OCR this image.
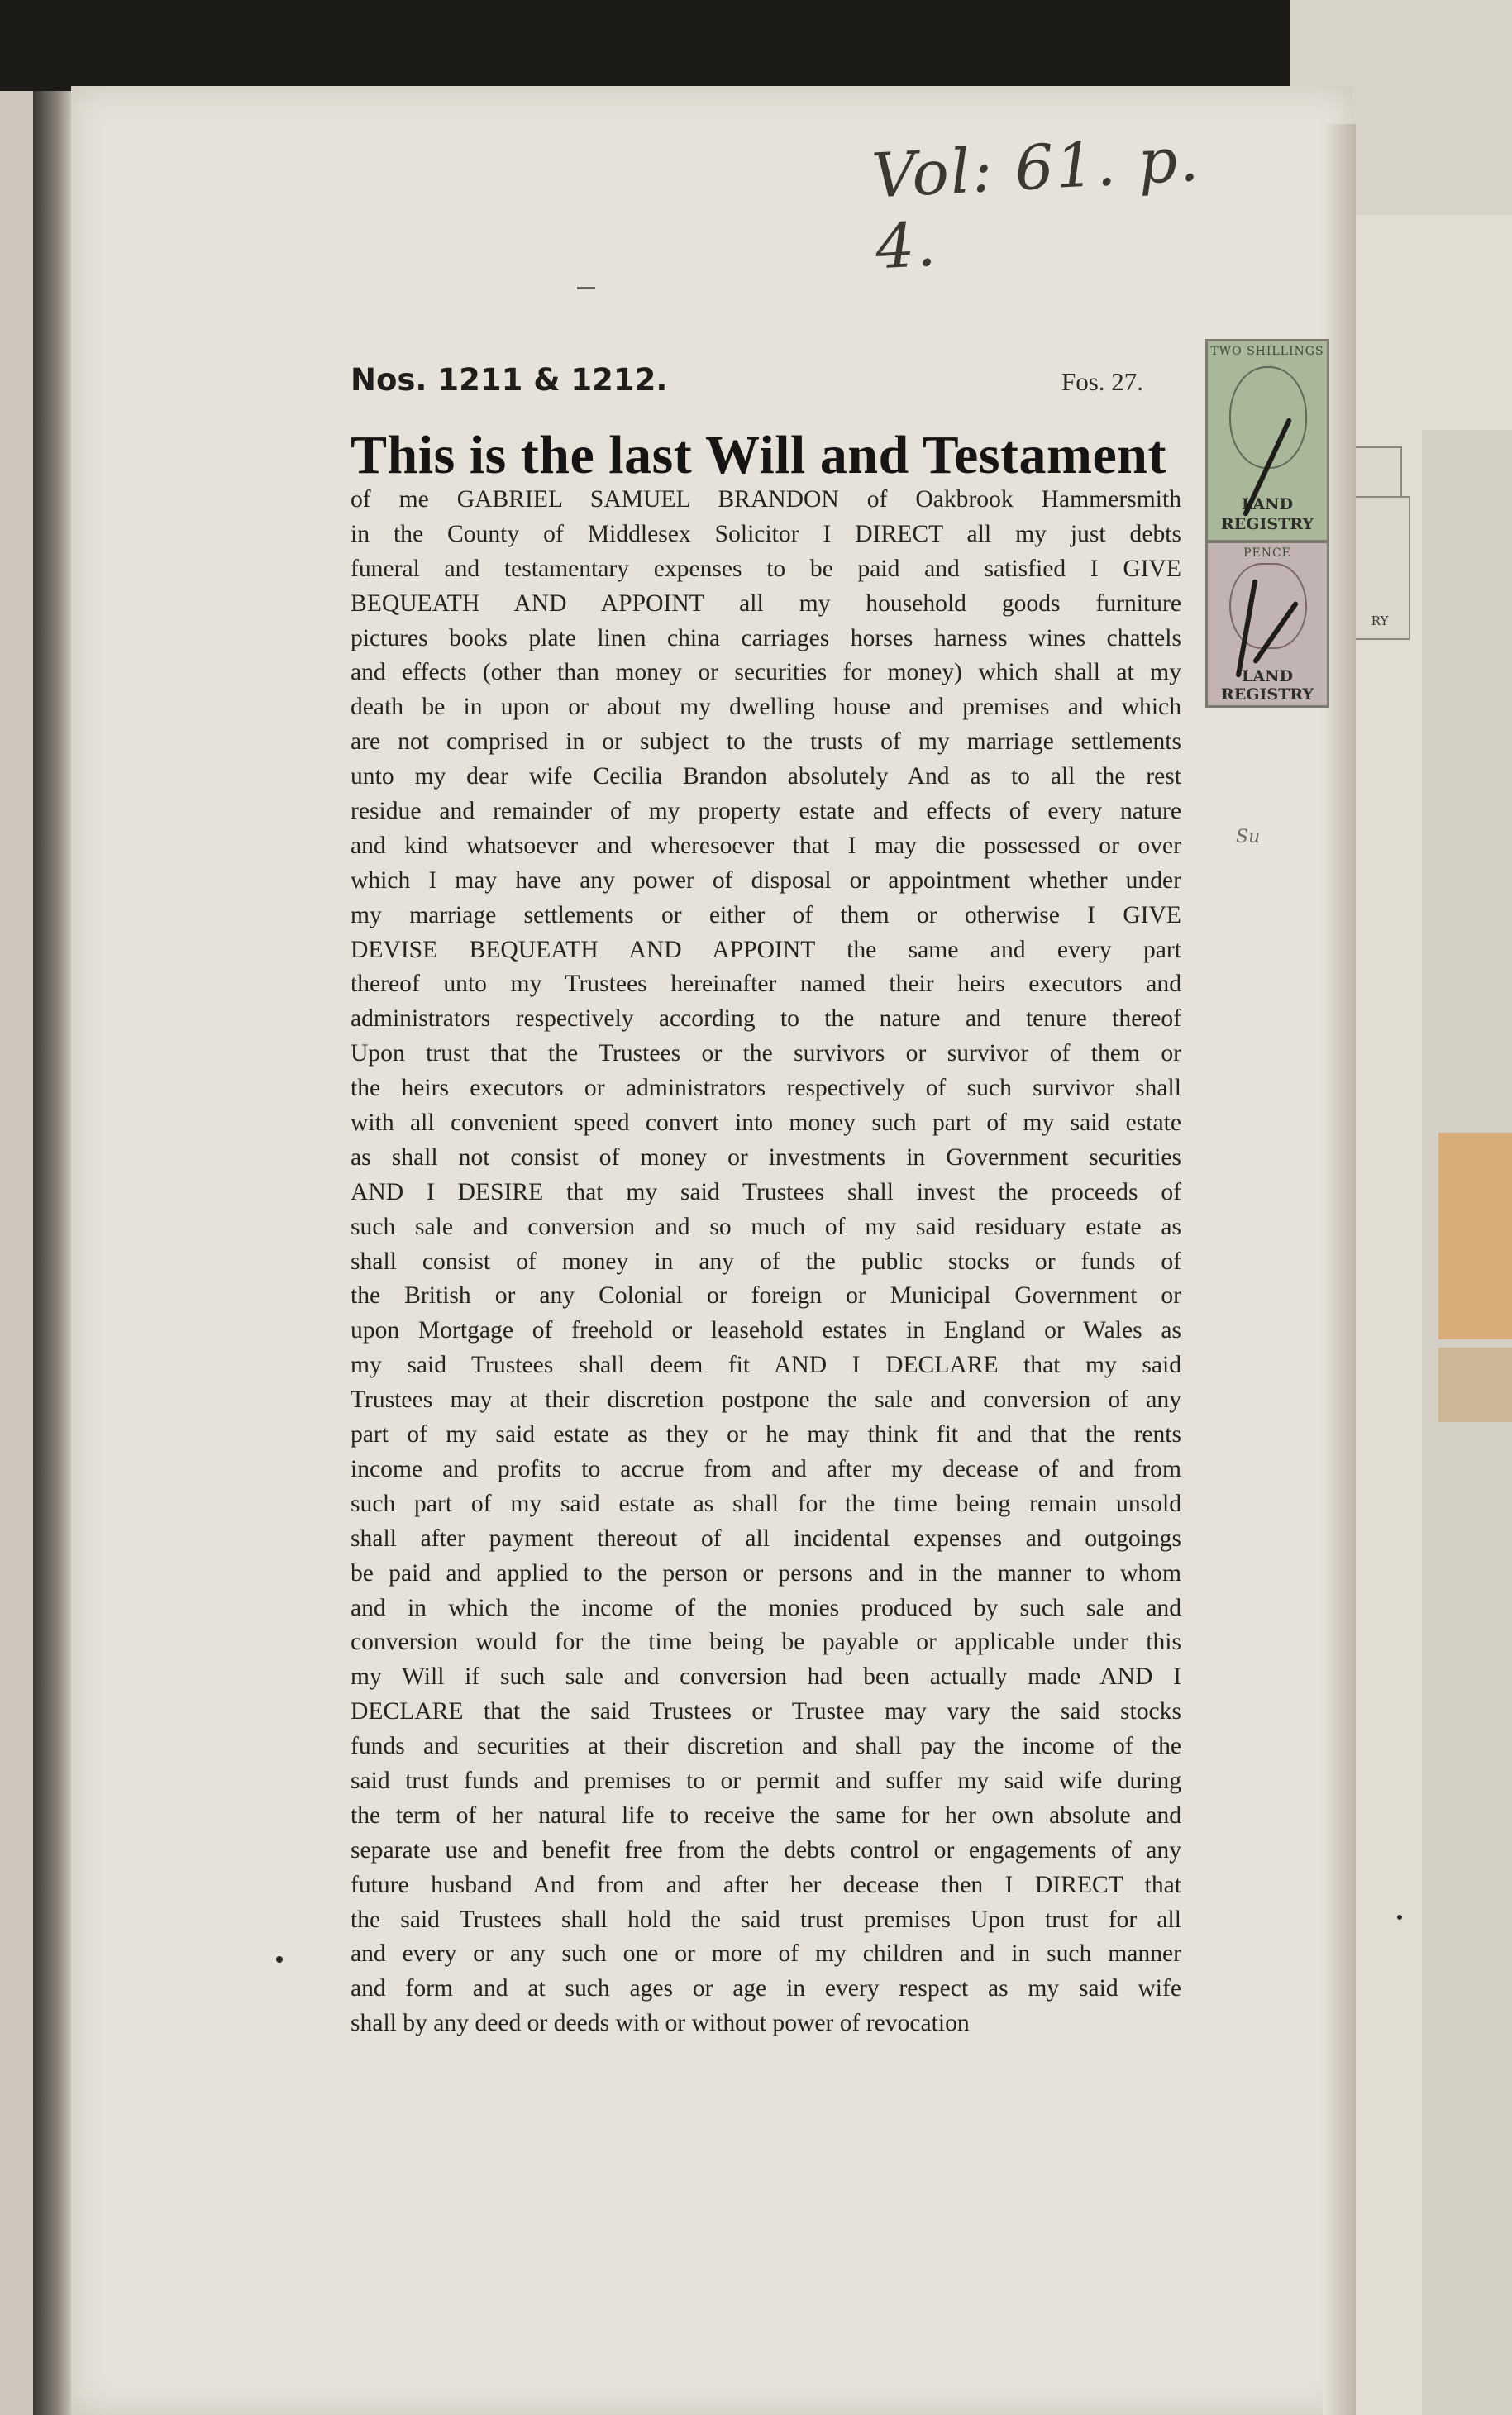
RY
Vol: 61. p. 4.
Nos. 1211 & 1212.	Fos. 27.
This is the last Will and Testament
of me GABRIEL SAMUEL BRANDON of Oakbrook Hammersmith
in the County of Middlesex Solicitor I DIRECT all my just debts
funeral and testamentary expenses to be paid and satisfied I GIVE
BEQUEATH AND APPOINT all my household goods furniture
pictures books plate linen china carriages horses harness wines chattels
and effects (other than money or securities for money) which shall at my
death be in upon or about my dwelling house and premises and which
are not comprised in or subject to the trusts of my marriage settlements
unto my dear wife Cecilia Brandon absolutely And as to all the rest
residue and remainder of my property estate and effects of every nature
and kind whatsoever and wheresoever that I may die possessed or over
which I may have any power of disposal or appointment whether under
my marriage settlements or either of them or otherwise I GIVE
DEVISE BEQUEATH AND APPOINT the same and every part
thereof unto my Trustees hereinafter named their heirs executors and
administrators respectively according to the nature and tenure thereof
Upon trust that the Trustees or the survivors or survivor of them or
the heirs executors or administrators respectively of such survivor shall
with all convenient speed convert into money such part of my said estate
as shall not consist of money or investments in Government securities
AND I DESIRE that my said Trustees shall invest the proceeds of
such sale and conversion and so much of my said residuary estate as
shall consist of money in any of the public stocks or funds of
the British or any Colonial or foreign or Municipal Government or
upon Mortgage of freehold or leasehold estates in England or Wales as
my said Trustees shall deem fit AND I DECLARE that my said
Trustees may at their discretion postpone the sale and conversion of any
part of my said estate as they or he may think fit and that the rents
income and profits to accrue from and after my decease of and from
such part of my said estate as shall for the time being remain unsold
shall after payment thereout of all incidental expenses and outgoings
be paid and applied to the person or persons and in the manner to whom
and in which the income of the monies produced by such sale and
conversion would for the time being be payable or applicable under this
my Will if such sale and conversion had been actually made AND I
DECLARE that the said Trustees or Trustee may vary the said stocks
funds and securities at their discretion and shall pay the income of the
said trust funds and premises to or permit and suffer my said wife during
the term of her natural life to receive the same for her own absolute and
separate use and benefit free from the debts control or engagements of any
future husband And from and after her decease then I DIRECT that
the said Trustees shall hold the said trust premises Upon trust for all
and every or any such one or more of my children and in such manner
and form and at such ages or age in every respect as my said wife
shall by any deed or deeds with or without power of revocation
TWO SHILLINGS
LAND
REGISTRY
PENCE
LAND
REGISTRY
Su
